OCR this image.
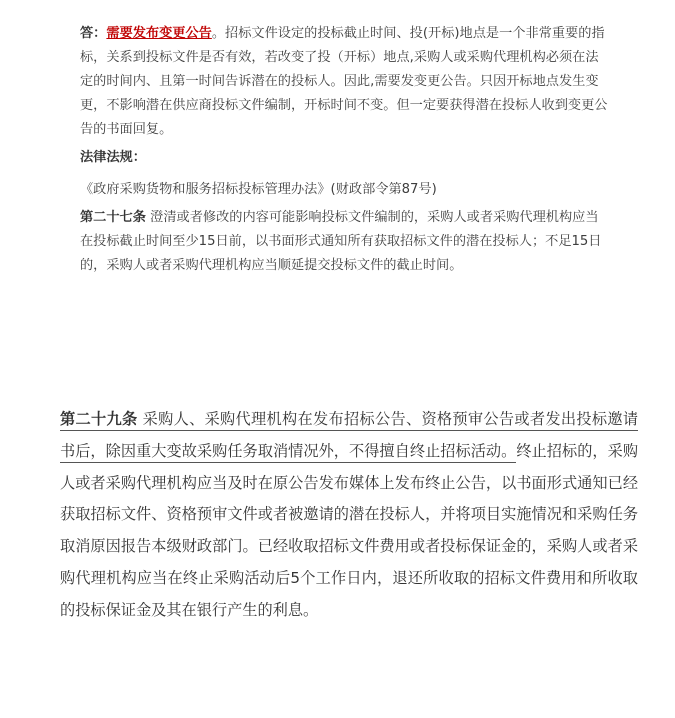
答：需要发布变更公告。招标文件设定的投标截止时间、投(开标)地点是一个非常重要的指标，关系到投标文件是否有效，若改变了投（开标）地点,采购人或采购代理机构必须在法定的时间内、且第一时间告诉潜在的投标人。因此,需要发变更公告。只因开标地点发生变更，不影响潜在供应商投标文件编制，开标时间不变。但一定要获得潜在投标人收到变更公告的书面回复。

法律法规：

《政府采购货物和服务招标投标管理办法》(财政部令第87号)

第二十七条 澄清或者修改的内容可能影响投标文件编制的，采购人或者采购代理机构应当在投标截止时间至少15日前，以书面形式通知所有获取招标文件的潜在投标人；不足15日的，采购人或者采购代理机构应当顺延提交投标文件的截止时间。

第二十九条 采购人、采购代理机构在发布招标公告、资格预审公告或者发出投标邀请书后，除因重大变故采购任务取消情况外，不得擅自终止招标活动。终止招标的，采购人或者采购代理机构应当及时在原公告发布媒体上发布终止公告，以书面形式通知已经获取招标文件、资格预审文件或者被邀请的潜在投标人，并将项目实施情况和采购任务取消原因报告本级财政部门。已经收取招标文件费用或者投标保证金的，采购人或者采购代理机构应当在终止采购活动后5个工作日内，退还所收取的招标文件费用和所收取的投标保证金及其在银行产生的利息。
